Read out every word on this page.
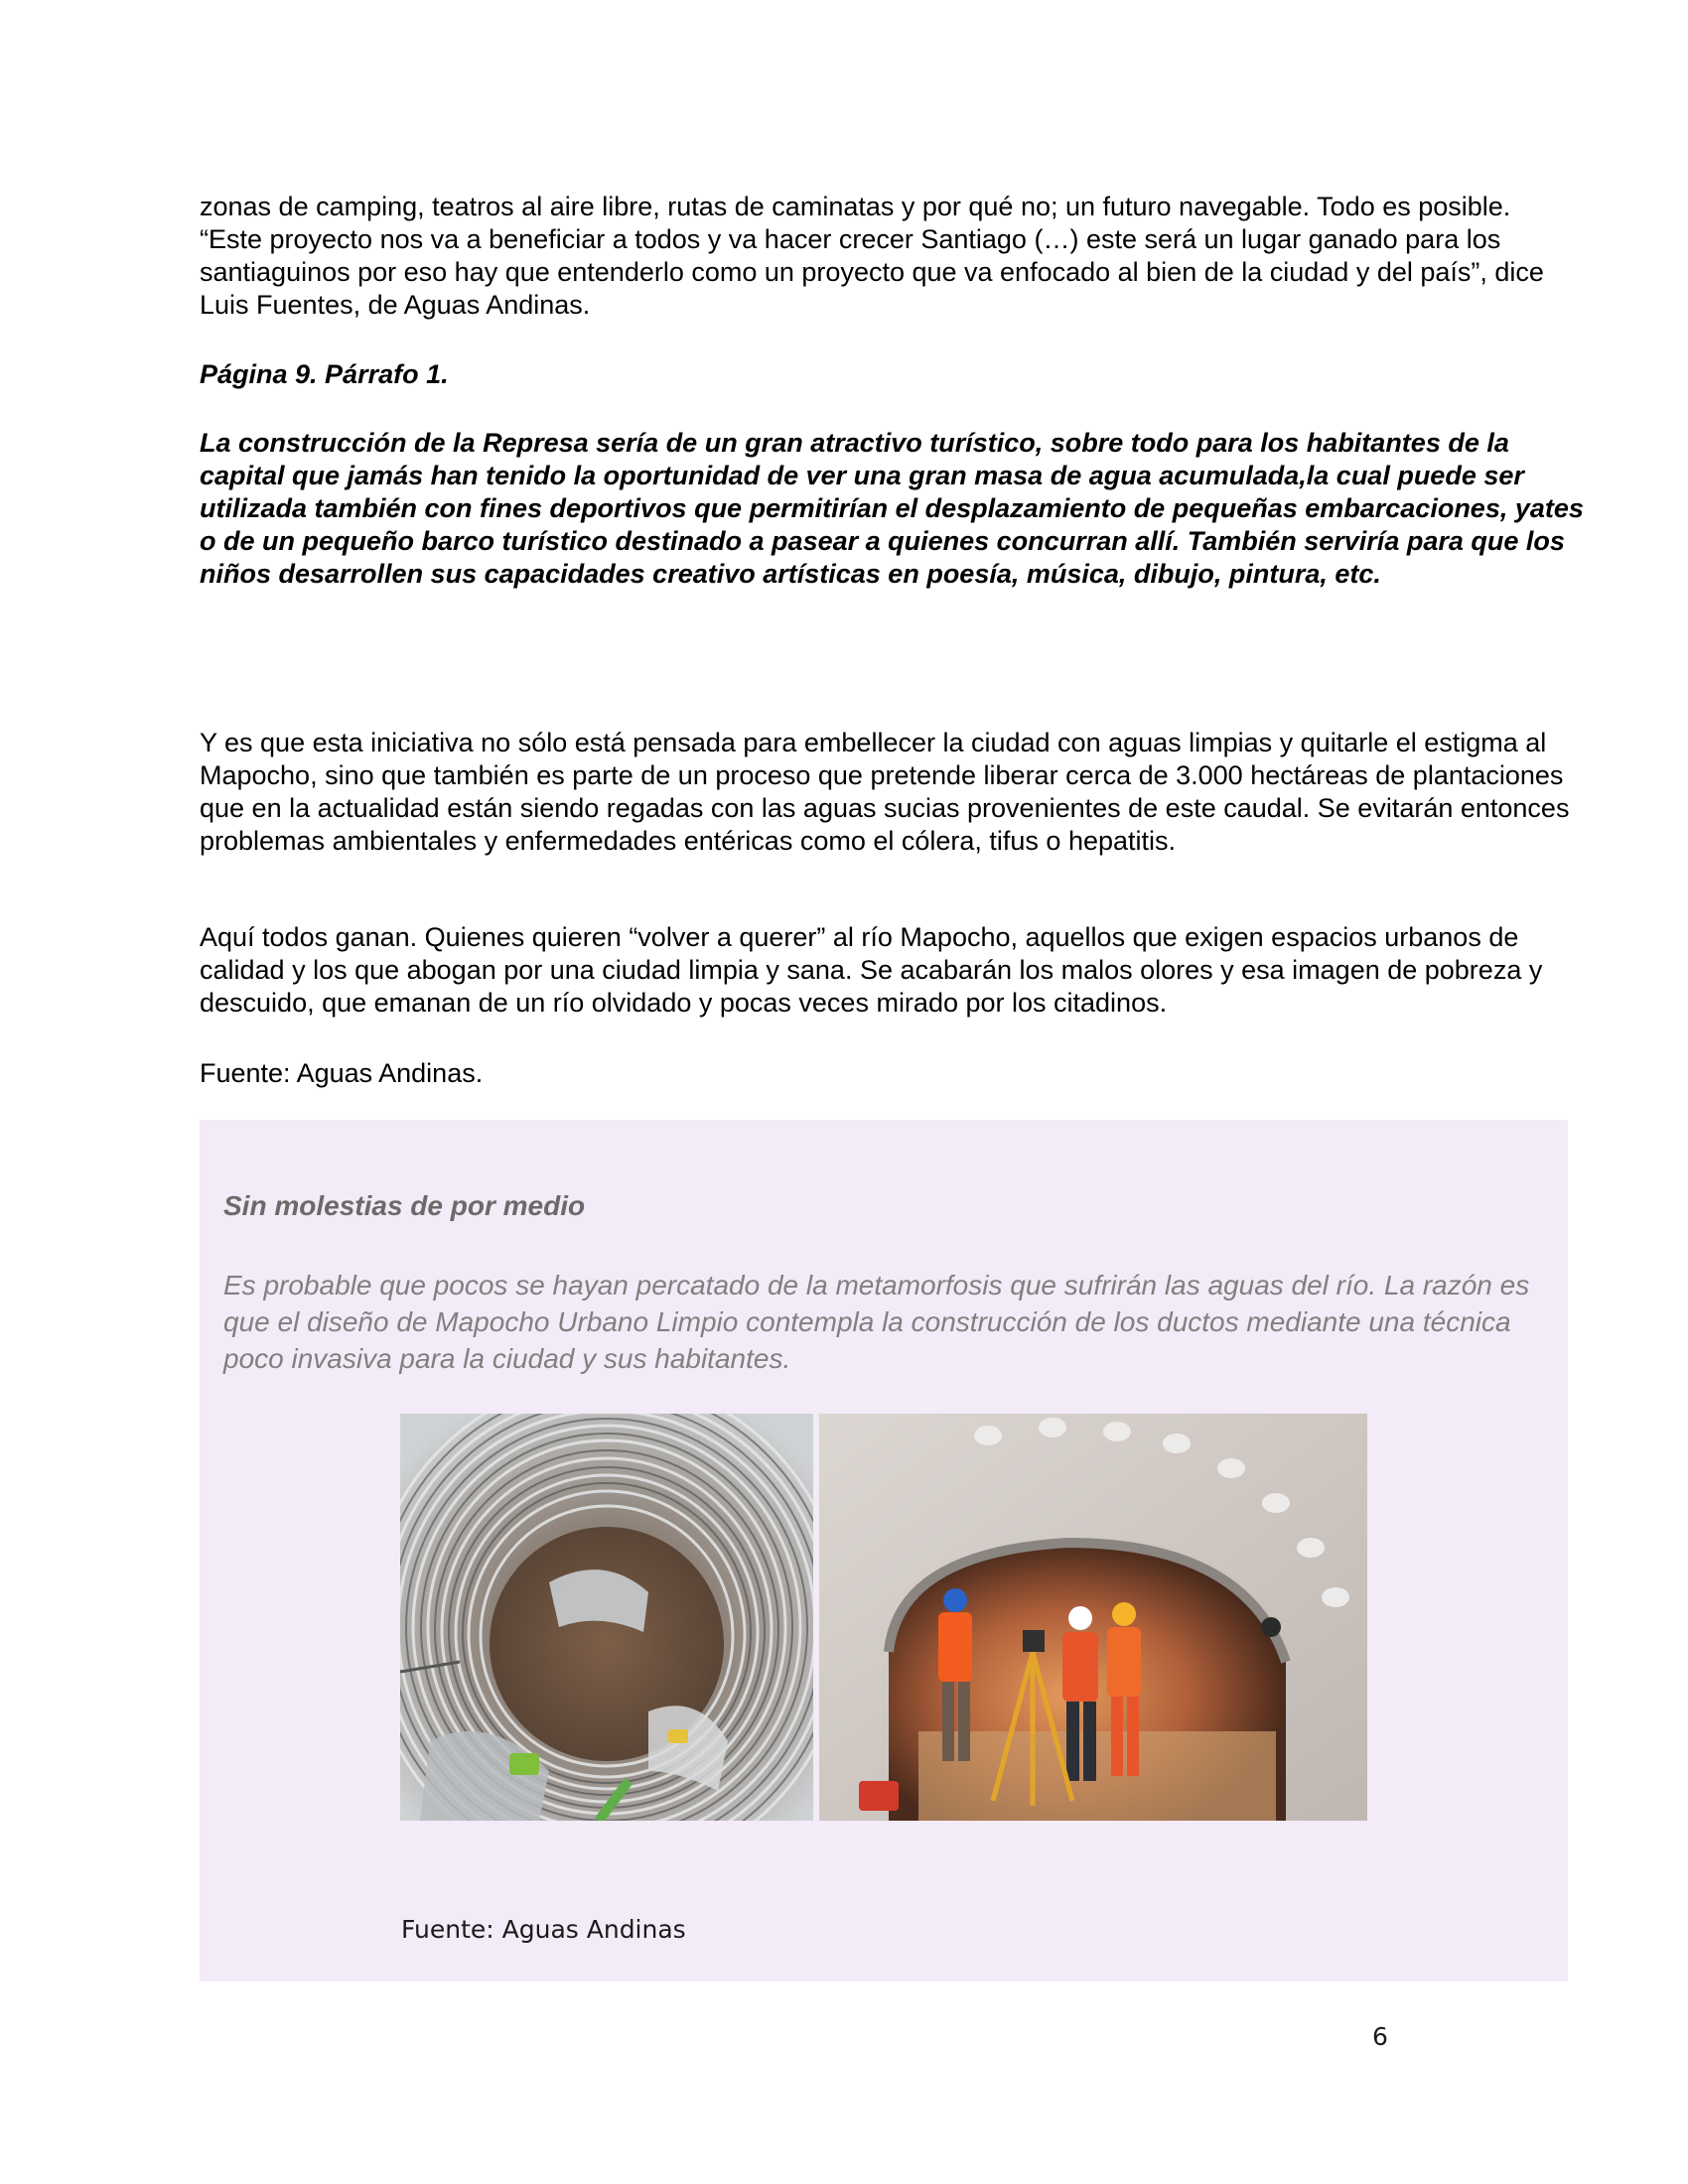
zonas de camping, teatros al aire libre, rutas de caminatas y por qué no; un futuro navegable. Todo es posible. “Este proyecto nos va a beneficiar a todos y va hacer crecer Santiago (…) este será un lugar ganado para los santiaguinos por eso hay que entenderlo como un proyecto que va enfocado al bien de la ciudad y del país”, dice Luis Fuentes, de Aguas Andinas.

Página 9. Párrafo 1.

La construcción de la Represa sería de un gran atractivo turístico, sobre todo para los habitantes de la capital que jamás han tenido la oportunidad de ver una gran masa de agua acumulada,la cual puede ser utilizada también con fines deportivos que permitirían el desplazamiento de pequeñas embarcaciones, yates o de un pequeño barco turístico destinado a pasear a quienes concurran allí. También serviría para que los niños desarrollen sus capacidades creativo artísticas en poesía, música, dibujo, pintura, etc.

Y es que esta iniciativa no sólo está pensada para embellecer la ciudad con aguas limpias y quitarle el estigma al Mapocho, sino que también es parte de un proceso que pretende liberar cerca de 3.000 hectáreas de plantaciones que en la actualidad están siendo regadas con las aguas sucias provenientes de este caudal. Se evitarán entonces problemas ambientales y enfermedades entéricas como el cólera, tifus o hepatitis.

Aquí todos ganan. Quienes quieren “volver a querer” al río Mapocho, aquellos que exigen espacios urbanos de calidad y los que abogan por una ciudad limpia y sana. Se acabarán los malos olores y esa imagen de pobreza y descuido, que emanan de un río olvidado y pocas veces mirado por los citadinos.

Fuente: Aguas Andinas.

Sin molestias de por medio

Es probable que pocos se hayan percatado de la metamorfosis que sufrirán las aguas del río. La razón es que el diseño de Mapocho Urbano Limpio contempla la construcción de los ductos mediante una técnica poco invasiva para la ciudad y sus habitantes.

Fuente: Aguas Andinas

6
